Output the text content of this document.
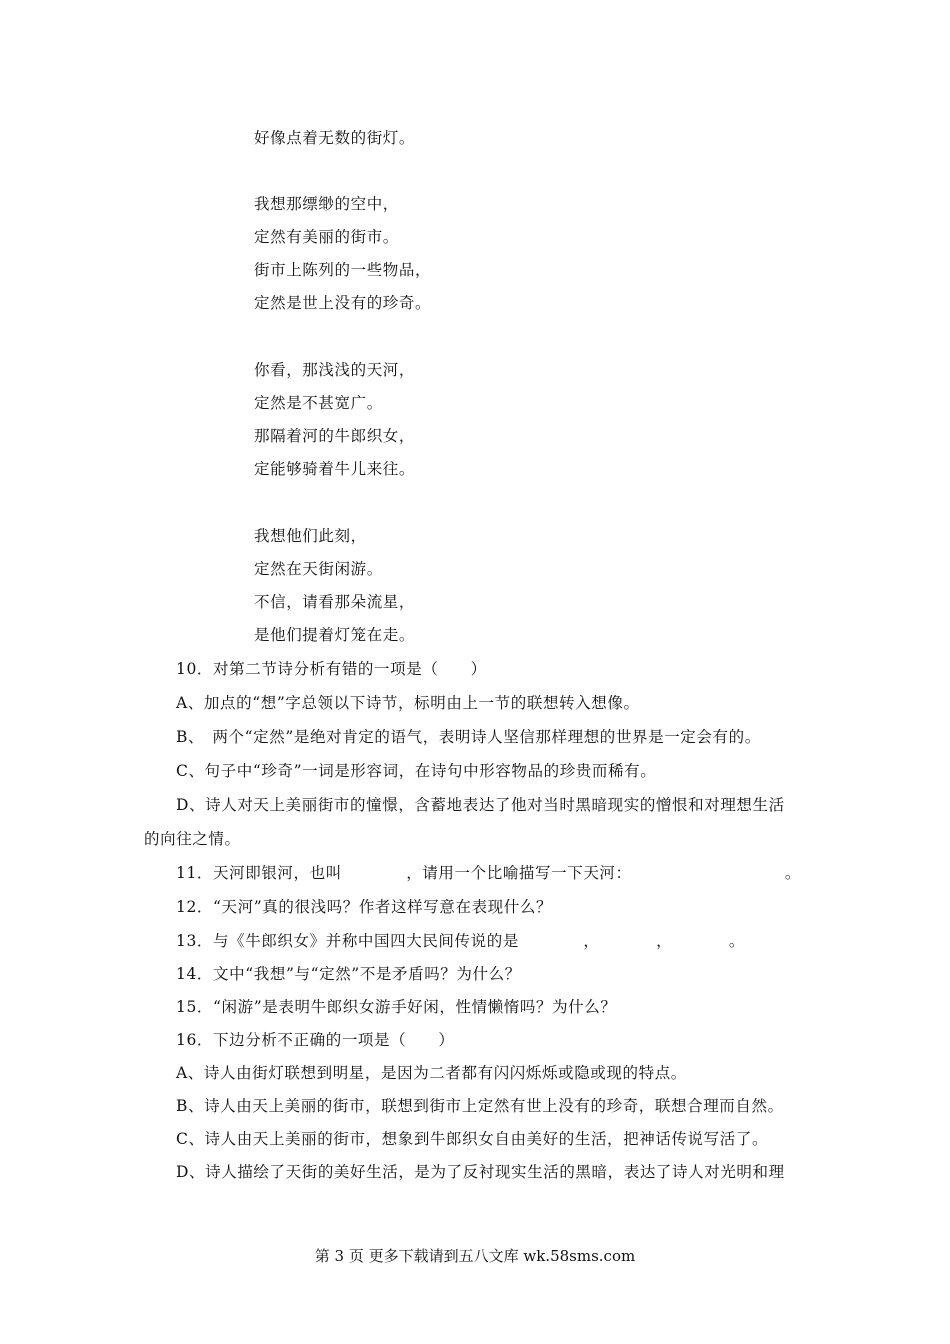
好像点着无数的街灯。
我想那缥缈的空中，
定然有美丽的街市。
街市上陈列的一些物品，
定然是世上没有的珍奇。
你看，那浅浅的天河，
定然是不甚宽广。
那隔着河的牛郎织女，
定能够骑着牛儿来往。
我想他们此刻，
定然在天街闲游。
不信，请看那朵流星，
是他们提着灯笼在走。
10．对第二节诗分析有错的一项是（　　）
A、加点的“想”字总领以下诗节，标明由上一节的联想转入想像。
B、　两个“定然”是绝对肯定的语气，表明诗人坚信那样理想的世界是一定会有的。
C、句子中“珍奇”一词是形容词，在诗句中形容物品的珍贵而稀有。
D、诗人对天上美丽街市的憧憬，含蓄地表达了他对当时黑暗现实的憎恨和对理想生活
的向往之情。
11．天河即银河，也叫　　　　，请用一个比喻描写一下天河：　　　　　　　　　　。
12．“天河”真的很浅吗？作者这样写意在表现什么？
13．与《牛郎织女》并称中国四大民间传说的是　　　　，　　　　，　　　　。
14．文中“我想”与“定然”不是矛盾吗？为什么？
15．“闲游”是表明牛郎织女游手好闲，性情懒惰吗？为什么？
16．下边分析不正确的一项是（　　）
A、诗人由街灯联想到明星，是因为二者都有闪闪烁烁或隐或现的特点。
B、诗人由天上美丽的街市，联想到街市上定然有世上没有的珍奇，联想合理而自然。
C、诗人由天上美丽的街市，想象到牛郎织女自由美好的生活，把神话传说写活了。
D、诗人描绘了天街的美好生活，是为了反衬现实生活的黑暗，表达了诗人对光明和理
第 3 页 更多下载请到五八文库 wk.58sms.com
